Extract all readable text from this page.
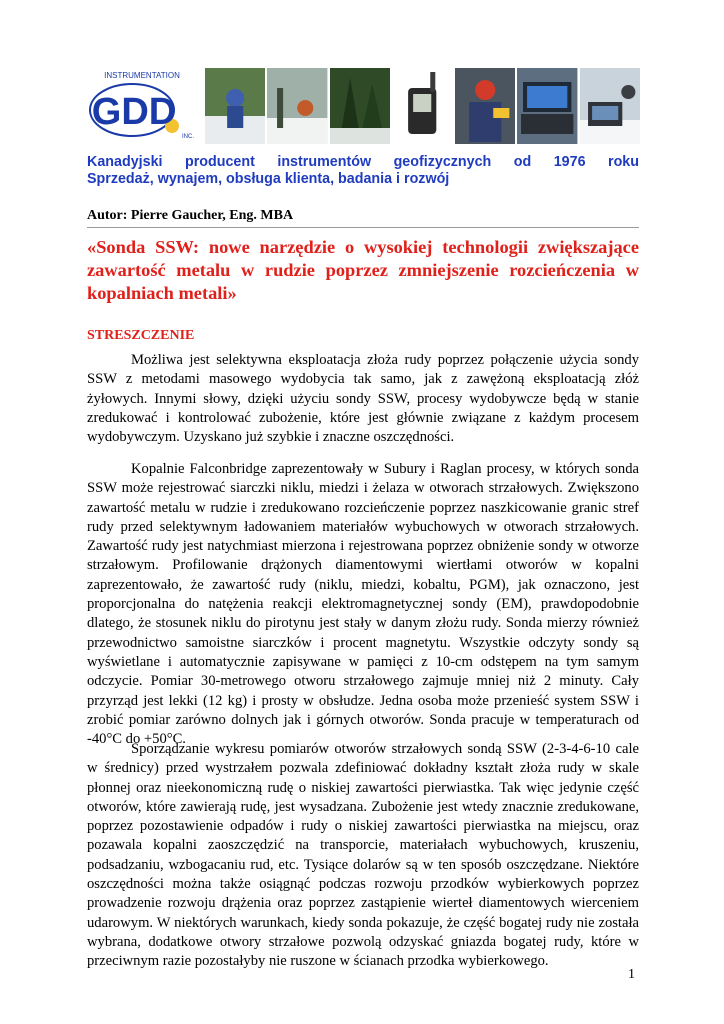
INSTRUMENTATION
GDD
INC.
Kanadyjski producent instrumentów geofizycznych od 1976 roku
Sprzedaż, wynajem, obsługa klienta, badania i rozwój
Autor: Pierre Gaucher, Eng. MBA
«Sonda SSW: nowe narzędzie o wysokiej technologii zwiększające zawartość metalu w rudzie poprzez zmniejszenie rozcieńczenia w kopalniach metali»
STRESZCZENIE

Możliwa jest selektywna eksploatacja złoża rudy poprzez połączenie użycia sondy SSW z metodami masowego wydobycia tak samo, jak z zawężoną eksploatacją złóż żyłowych. Innymi słowy, dzięki użyciu sondy SSW, procesy wydobywcze będą w stanie zredukować i kontrolować zubożenie, które jest głównie związane z każdym procesem wydobywczym. Uzyskano już szybkie i znaczne oszczędności.

Kopalnie Falconbridge zaprezentowały w Subury i Raglan procesy, w których sonda SSW może rejestrować siarczki niklu, miedzi i żelaza w otworach strzałowych. Zwiększono zawartość metalu w rudzie i zredukowano rozcieńczenie poprzez naszkicowanie granic stref rudy przed selektywnym ładowaniem materiałów wybuchowych w otworach strzałowych. Zawartość rudy jest natychmiast mierzona i rejestrowana poprzez obniżenie sondy w otworze strzałowym. Profilowanie drążonych diamentowymi wiertłami otworów w kopalni zaprezentowało, że zawartość rudy (niklu, miedzi, kobaltu, PGM), jak oznaczono, jest proporcjonalna do natężenia reakcji elektromagnetycznej sondy (EM), prawdopodobnie dlatego, że stosunek niklu do pirotynu jest stały w danym złożu rudy. Sonda mierzy również przewodnictwo samoistne siarczków i procent magnetytu. Wszystkie odczyty sondy są wyświetlane i automatycznie zapisywane w pamięci z 10-cm odstępem na tym samym odczycie. Pomiar 30-metrowego otworu strzałowego zajmuje mniej niż 2 minuty. Cały przyrząd jest lekki (12 kg) i prosty w obsłudze. Jedna osoba może przenieść system SSW i zrobić pomiar zarówno dolnych jak i górnych otworów. Sonda pracuje w temperaturach od -40°C do +50°C.

Sporządzanie wykresu pomiarów otworów strzałowych sondą SSW (2-3-4-6-10 cale w średnicy) przed wystrzałem pozwala zdefiniować dokładny kształt złoża rudy w skale płonnej oraz nieekonomiczną rudę o niskiej zawartości pierwiastka. Tak więc jedynie część otworów, które zawierają rudę, jest wysadzana. Zubożenie jest wtedy znacznie zredukowane, poprzez pozostawienie odpadów i rudy o niskiej zawartości pierwiastka na miejscu, oraz pozawala kopalni zaoszczędzić na transporcie, materiałach wybuchowych, kruszeniu, podsadzaniu, wzbogacaniu rud, etc. Tysiące dolarów są w ten sposób oszczędzane. Niektóre oszczędności można także osiągnąć podczas rozwoju przodków wybierkowych poprzez prowadzenie rozwoju drążenia oraz poprzez zastąpienie wierteł diamentowych wierceniem udarowym. W niektórych warunkach, kiedy sonda pokazuje, że część bogatej rudy nie została wybrana, dodatkowe otwory strzałowe pozwolą odzyskać gniazda bogatej rudy, które w przeciwnym razie pozostałyby nie ruszone w ścianach przodka wybierkowego.

1
